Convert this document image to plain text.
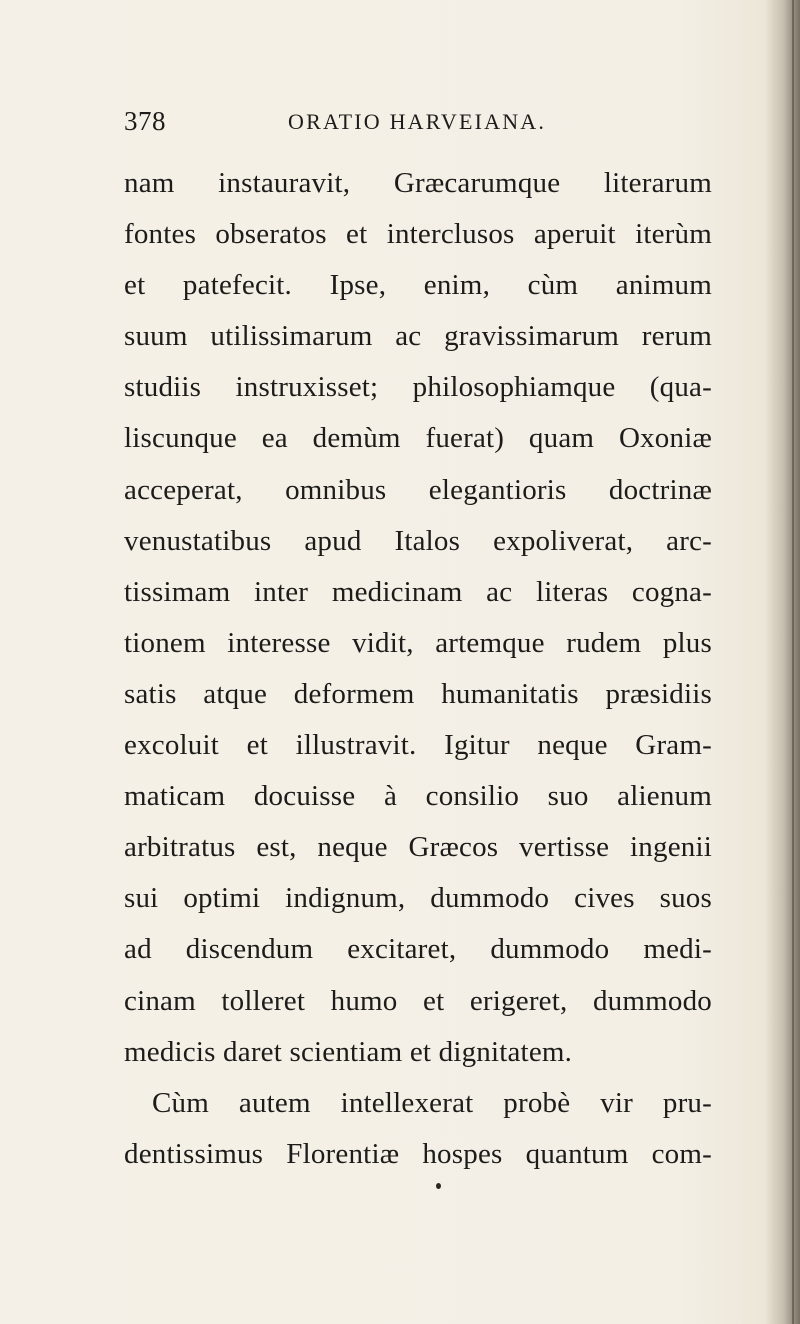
378	ORATIO HARVEIANA.
nam instauravit, Græcarumque literarum
fontes obseratos et interclusos aperuit iterùm
et patefecit. Ipse, enim, cùm animum
suum utilissimarum ac gravissimarum rerum
studiis instruxisset; philosophiamque (qua-
liscunque ea demùm fuerat) quam Oxoniæ
acceperat, omnibus elegantioris doctrinæ
venustatibus apud Italos expoliverat, arc-
tissimam inter medicinam ac literas cogna-
tionem interesse vidit, artemque rudem plus
satis atque deformem humanitatis præsidiis
excoluit et illustravit. Igitur neque Gram-
maticam docuisse à consilio suo alienum
arbitratus est, neque Græcos vertisse ingenii
sui optimi indignum, dummodo cives suos
ad discendum excitaret, dummodo medi-
cinam tolleret humo et erigeret, dummodo
medicis daret scientiam et dignitatem.
Cùm autem intellexerat probè vir pru-
dentissimus Florentiæ hospes quantum com-
